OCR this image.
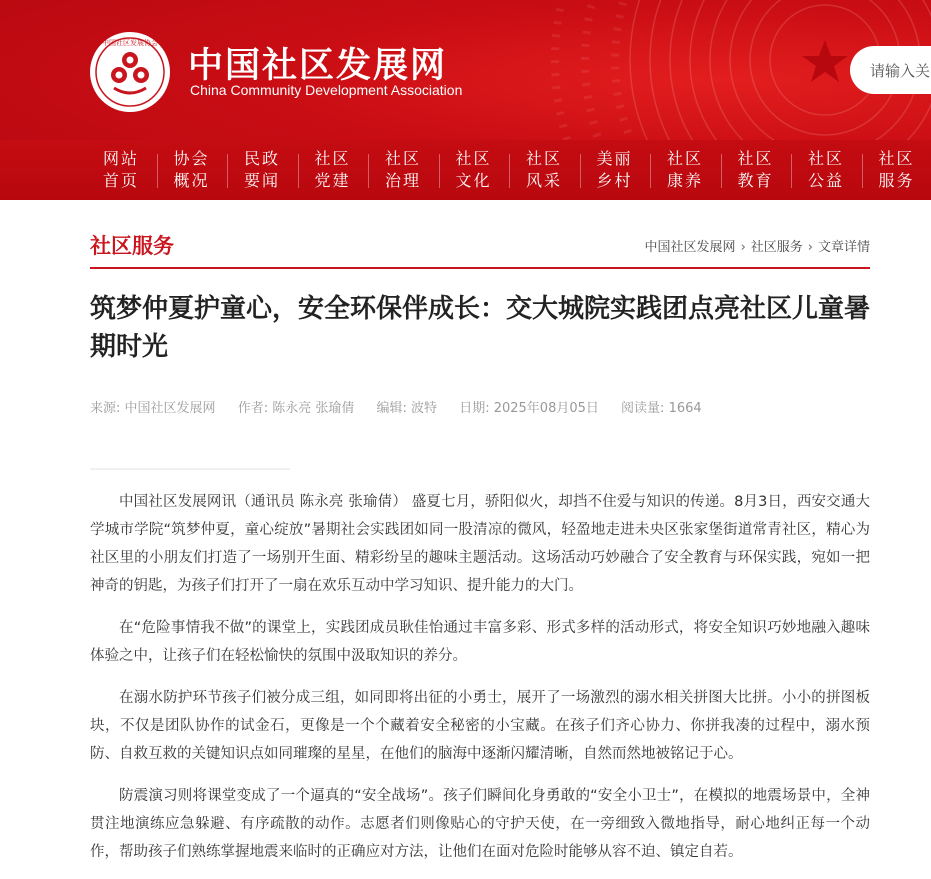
中国社区发展协会
中国社区发展网
China Community Development Association
请输入关
网站
首页
协会
概况
民政
要闻
社区
党建
社区
治理
社区
文化
社区
风采
美丽
乡村
社区
康养
社区
教育
社区
公益
社区
服务
社区服务	中国社区发展网 › 社区服务 › 文章详情
筑梦仲夏护童心，安全环保伴成长：交大城院实践团点亮社区儿童暑期时光
来源: 中国社区发展网 作者: 陈永亮 张瑜倩 编辑: 波特 日期: 2025年08月05日 阅读量: 1664

中国社区发展网讯（通讯员 陈永亮 张瑜倩） 盛夏七月，骄阳似火，却挡不住爱与知识的传递。8月3日，西安交通大学城市学院“筑梦仲夏，童心绽放”暑期社会实践团如同一股清凉的微风，轻盈地走进未央区张家堡街道常青社区，精心为社区里的小朋友们打造了一场别开生面、精彩纷呈的趣味主题活动。这场活动巧妙融合了安全教育与环保实践，宛如一把神奇的钥匙，为孩子们打开了一扇在欢乐互动中学习知识、提升能力的大门。

在“危险事情我不做”的课堂上，实践团成员耿佳怡通过丰富多彩、形式多样的活动形式，将安全知识巧妙地融入趣味体验之中，让孩子们在轻松愉快的氛围中汲取知识的养分。

在溺水防护环节孩子们被分成三组，如同即将出征的小勇士，展开了一场激烈的溺水相关拼图大比拼。小小的拼图板块，不仅是团队协作的试金石，更像是一个个藏着安全秘密的小宝藏。在孩子们齐心协力、你拼我凑的过程中，溺水预防、自救互救的关键知识点如同璀璨的星星，在他们的脑海中逐渐闪耀清晰，自然而然地被铭记于心。

防震演习则将课堂变成了一个逼真的“安全战场”。孩子们瞬间化身勇敢的“安全小卫士”，在模拟的地震场景中，全神贯注地演练应急躲避、有序疏散的动作。志愿者们则像贴心的守护天使，在一旁细致入微地指导，耐心地纠正每一个动作，帮助孩子们熟练掌握地震来临时的正确应对方法，让他们在面对危险时能够从容不迫、镇定自若。
